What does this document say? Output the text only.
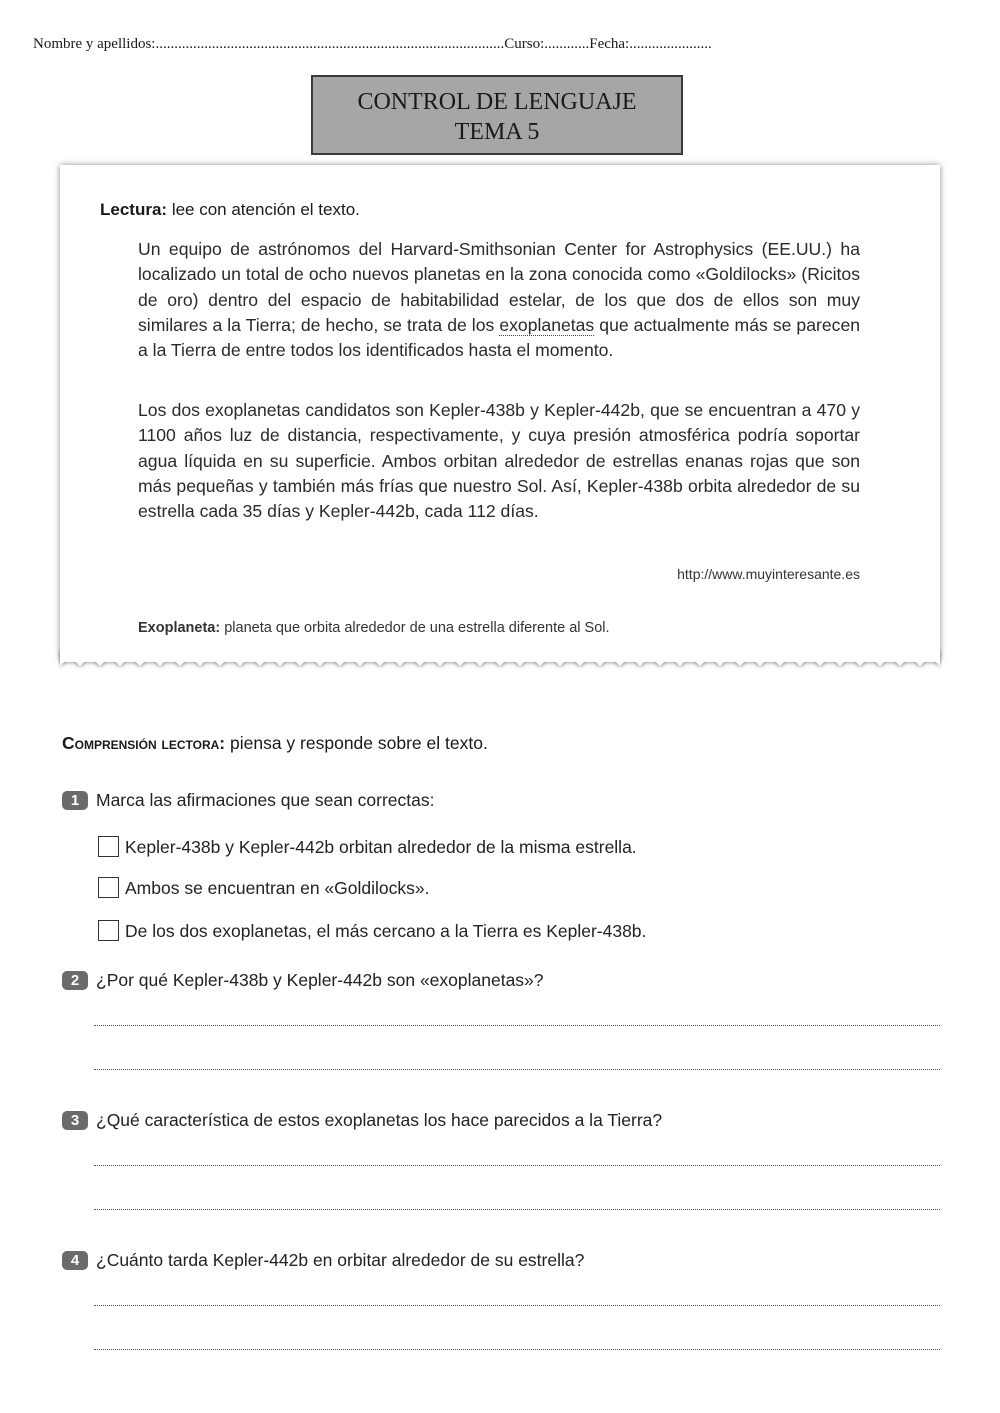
Nombre y apellidos:.............................................................................................Curso:............Fecha:......................
CONTROL DE LENGUAJE
TEMA 5
Lectura: lee con atención el texto.
Un equipo de astrónomos del Harvard-Smithsonian Center for Astrophysics (EE.UU.) ha localizado un total de ocho nuevos planetas en la zona conocida como «Goldilocks» (Ricitos de oro) dentro del espacio de habitabilidad estelar, de los que dos de ellos son muy similares a la Tierra; de hecho, se trata de los exoplanetas que actualmente más se parecen a la Tierra de entre todos los identificados hasta el momento.
Los dos exoplanetas candidatos son Kepler-438b y Kepler-442b, que se encuentran a 470 y 1100 años luz de distancia, respectivamente, y cuya presión atmosférica podría soportar agua líquida en su superficie. Ambos orbitan alrededor de estrellas enanas rojas que son más pequeñas y también más frías que nuestro Sol. Así, Kepler-438b orbita alrededor de su estrella cada 35 días y Kepler-442b, cada 112 días.
http://www.muyinteresante.es
Exoplaneta: planeta que orbita alrededor de una estrella diferente al Sol.
Comprensión lectora: piensa y responde sobre el texto.
1 Marca las afirmaciones que sean correctas:
Kepler-438b y Kepler-442b orbitan alrededor de la misma estrella.
Ambos se encuentran en «Goldilocks».
De los dos exoplanetas, el más cercano a la Tierra es Kepler-438b.
2 ¿Por qué Kepler-438b y Kepler-442b son «exoplanetas»?
3 ¿Qué característica de estos exoplanetas los hace parecidos a la Tierra?
4 ¿Cuánto tarda Kepler-442b en orbitar alrededor de su estrella?
